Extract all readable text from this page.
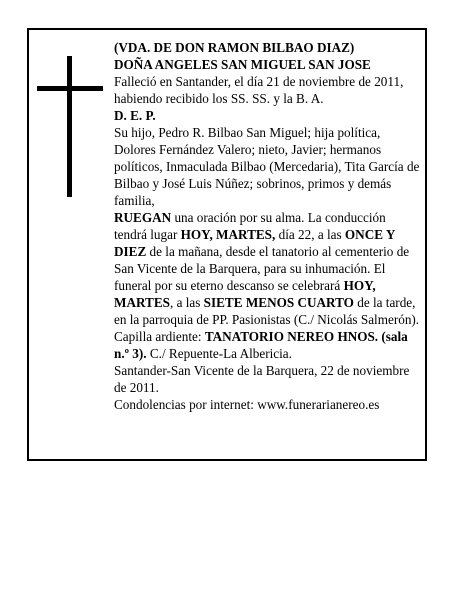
(VDA. DE DON RAMON BILBAO DIAZ)

DOÑA ANGELES SAN MIGUEL SAN JOSE

Falleció en Santander, el día 21 de noviembre de 2011, habiendo recibido los SS. SS. y la B. A.

D. E. P.

Su hijo, Pedro R. Bilbao San Miguel; hija política, Dolores Fernández Valero; nieto, Javier; hermanos políticos, Inmaculada Bilbao (Mercedaria), Tita García de Bilbao y José Luis Núñez; sobrinos, primos y demás familia,

RUEGAN una oración por su alma. La conducción tendrá lugar HOY, MARTES, día 22, a las ONCE Y DIEZ de la mañana, desde el tanatorio al cementerio de San Vicente de la Barquera, para su inhumación. El funeral por su eterno descanso se celebrará HOY, MARTES, a las SIETE MENOS CUARTO de la tarde, en la parroquia de PP. Pasionistas (C./ Nicolás Salmerón). Capilla ardiente: TANATORIO NEREO HNOS. (sala n.º 3). C./ Repuente-La Albericia.

Santander-San Vicente de la Barquera, 22 de noviembre de 2011.

Condolencias por internet: www.funerarianereo.es
